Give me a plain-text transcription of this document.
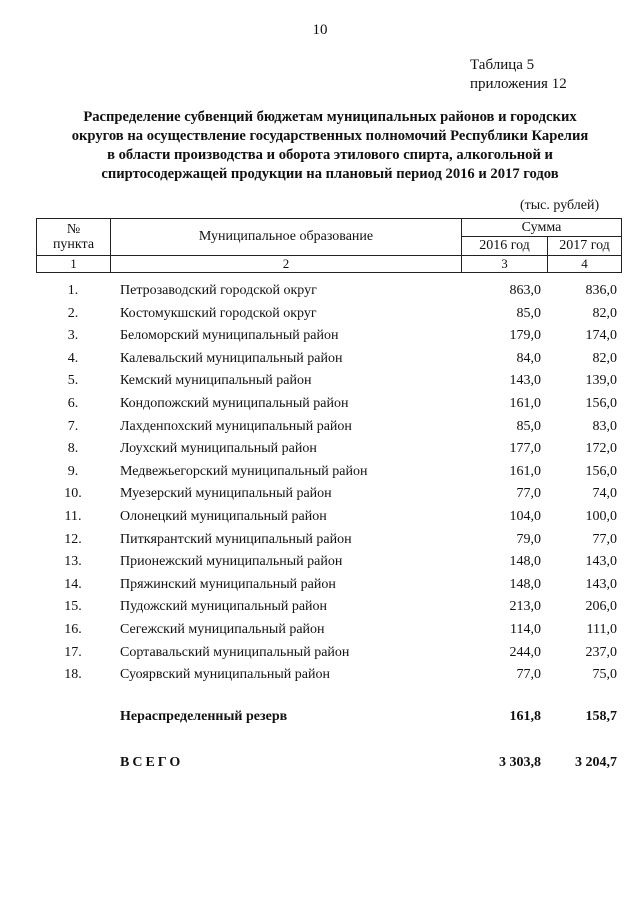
10
Таблица 5
приложения 12
Распределение субвенций бюджетам муниципальных районов и городских
округов на осуществление государственных полномочий Республики Карелия
в области производства и оборота этилового спирта, алкогольной и
спиртосодержащей продукции на плановый период 2016 и 2017 годов
(тыс. рублей)
№
пункта	Муниципальное образование	Сумма	
		2016 год	2017 год
1	2	3	4
1.	Петрозаводский городской округ	863,0	836,0
2.	Костомукшский городской округ	85,0	82,0
3.	Беломорский муниципальный район	179,0	174,0
4.	Калевальский муниципальный район	84,0	82,0
5.	Кемский муниципальный район	143,0	139,0
6.	Кондопожский муниципальный район	161,0	156,0
7.	Лахденпохский муниципальный район	85,0	83,0
8.	Лоухский муниципальный район	177,0	172,0
9.	Медвежьегорский муниципальный район	161,0	156,0
10.	Муезерский муниципальный район	77,0	74,0
11.	Олонецкий муниципальный район	104,0	100,0
12.	Питкярантский муниципальный район	79,0	77,0
13.	Прионежский муниципальный район	148,0	143,0
14.	Пряжинский муниципальный район	148,0	143,0
15.	Пудожский муниципальный район	213,0	206,0
16.	Сегежский муниципальный район	114,0	111,0
17.	Сортавальский муниципальный район	244,0	237,0
18.	Суоярвский муниципальный район	77,0	75,0
Нераспределенный резерв	161,8	158,7
ВСЕГО	3 303,8	3 204,7
